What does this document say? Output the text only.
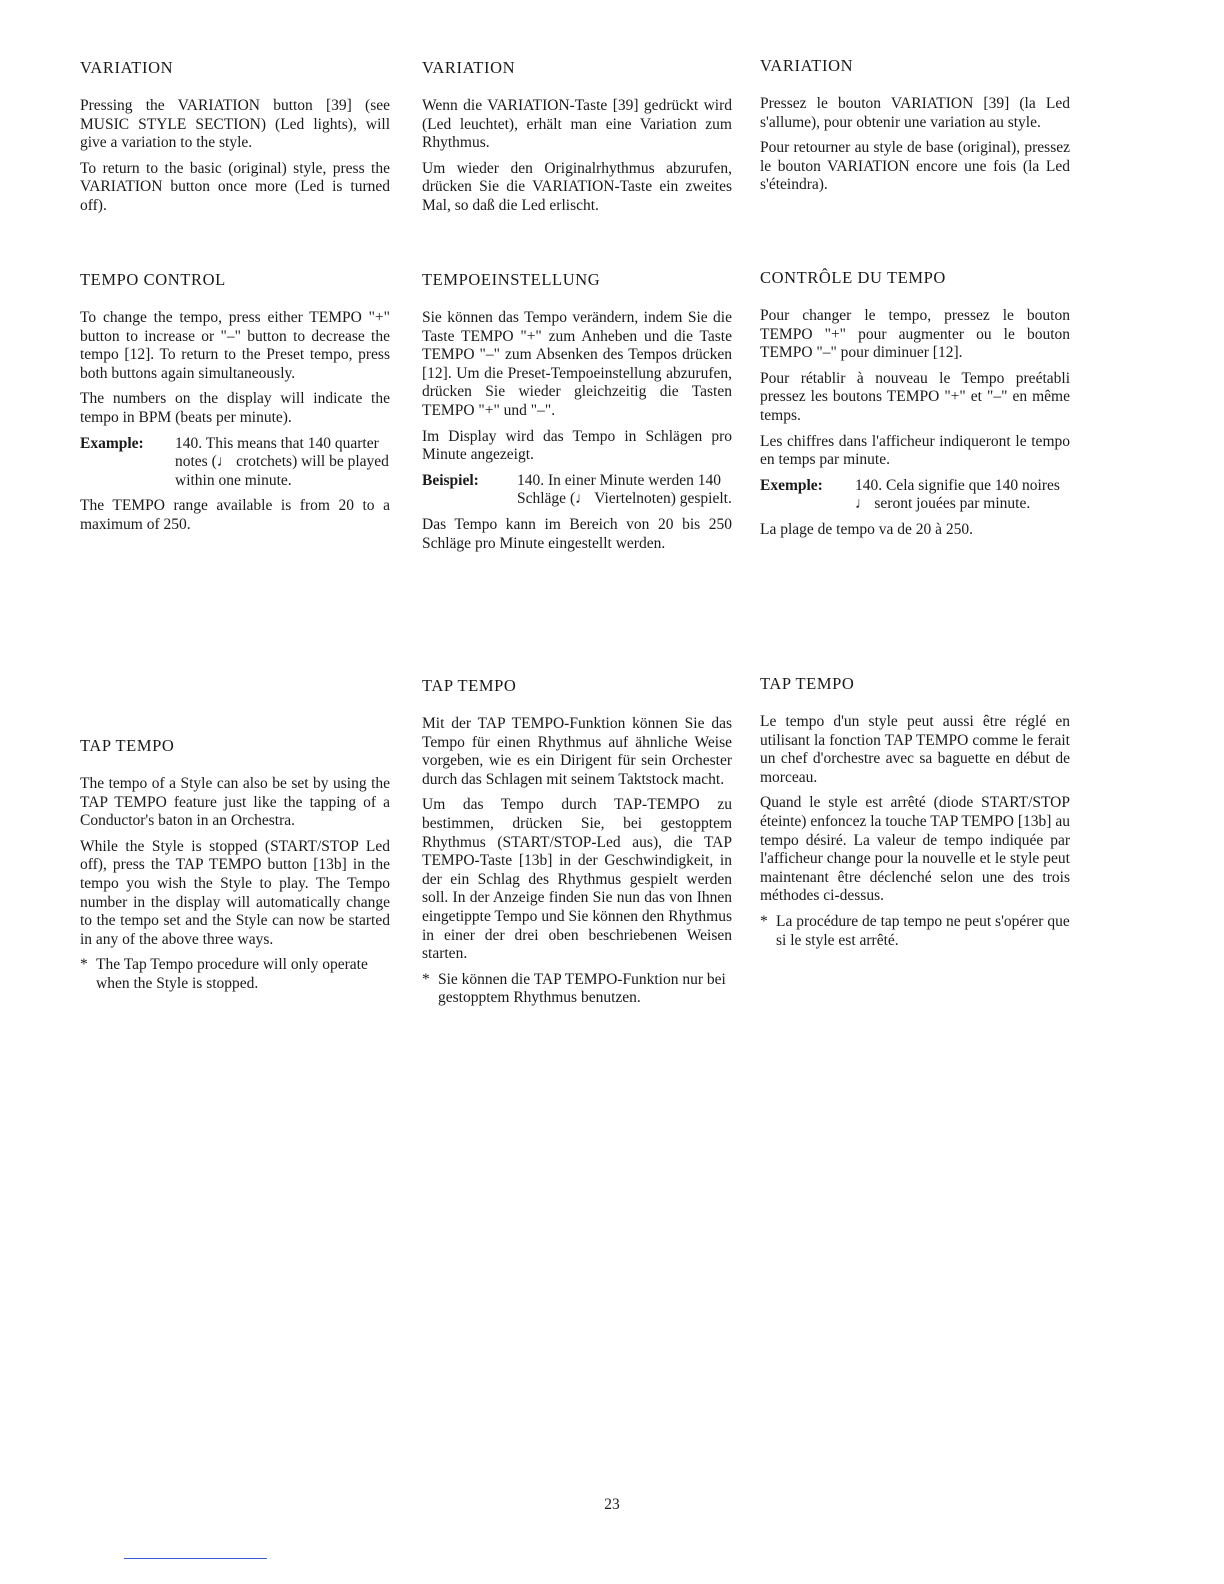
VARIATION

Pressing the VARIATION button [39] (see MUSIC STYLE SECTION) (Led lights), will give a variation to the style.

To return to the basic (original) style, press the VARIATION button once more (Led is turned off).

TEMPO CONTROL

To change the tempo, press either TEMPO "+" button to increase or "–" button to decrease the tempo [12]. To return to the Preset tempo, press both buttons again simultaneously.

The numbers on the display will indicate the tempo in BPM (beats per minute).

Example:	140. This means that 140 quarter notes (♩ crotchets) will be played within one minute.

The TEMPO range available is from 20 to a maximum of 250.

TAP TEMPO

The tempo of a Style can also be set by using the TAP TEMPO feature just like the tapping of a Conductor's baton in an Orchestra.

While the Style is stopped (START/STOP Led off), press the TAP TEMPO button [13b] in the tempo you wish the Style to play. The Tempo number in the display will automatically change to the tempo set and the Style can now be started in any of the above three ways.

* The Tap Tempo procedure will only operate when the Style is stopped.
VARIATION

Wenn die VARIATION-Taste [39] gedrückt wird (Led leuchtet), erhält man eine Variation zum Rhythmus.

Um wieder den Originalrhythmus abzurufen, drücken Sie die VARIATION-Taste ein zweites Mal, so daß die Led erlischt.

TEMPOEINSTELLUNG

Sie können das Tempo verändern, indem Sie die Taste TEMPO "+" zum Anheben und die Taste TEMPO "–" zum Absenken des Tempos drücken [12]. Um die Preset-Tempoeinstellung abzurufen, drücken Sie wieder gleichzeitig die Tasten TEMPO "+" und "–".

Im Display wird das Tempo in Schlägen pro Minute angezeigt.

Beispiel:	140. In einer Minute werden 140 Schläge (♩ Viertelnoten) gespielt.

Das Tempo kann im Bereich von 20 bis 250 Schläge pro Minute eingestellt werden.

TAP TEMPO

Mit der TAP TEMPO-Funktion können Sie das Tempo für einen Rhythmus auf ähnliche Weise vorgeben, wie es ein Dirigent für sein Orchester durch das Schlagen mit seinem Taktstock macht.

Um das Tempo durch TAP-TEMPO zu bestimmen, drücken Sie, bei gestopptem Rhythmus (START/STOP-Led aus), die TAP TEMPO-Taste [13b] in der Geschwindigkeit, in der ein Schlag des Rhythmus gespielt werden soll. In der Anzeige finden Sie nun das von Ihnen eingetippte Tempo und Sie können den Rhythmus in einer der drei oben beschriebenen Weisen starten.

* Sie können die TAP TEMPO-Funktion nur bei gestopptem Rhythmus benutzen.
VARIATION

Pressez le bouton VARIATION [39] (la Led s'allume), pour obtenir une variation au style.

Pour retourner au style de base (original), pressez le bouton VARIATION encore une fois (la Led s'éteindra).

CONTRÔLE DU TEMPO

Pour changer le tempo, pressez le bouton TEMPO "+" pour augmenter ou le bouton TEMPO "–" pour diminuer [12].

Pour rétablir à nouveau le Tempo preétabli pressez les boutons TEMPO "+" et "–" en même temps.

Les chiffres dans l'afficheur indiqueront le tempo en temps par minute.

Exemple:	140. Cela signifie que 140 noires ♩ seront jouées par minute.

La plage de tempo va de 20 à 250.

TAP TEMPO

Le tempo d'un style peut aussi être réglé en utilisant la fonction TAP TEMPO comme le ferait un chef d'orchestre avec sa baguette en début de morceau.

Quand le style est arrêté (diode START/STOP éteinte) enfoncez la touche TAP TEMPO [13b] au tempo désiré. La valeur de tempo indiquée par l'afficheur change pour la nouvelle et le style peut maintenant être déclenché selon une des trois méthodes ci-dessus.

* La procédure de tap tempo ne peut s'opérer que si le style est arrêté.
23
